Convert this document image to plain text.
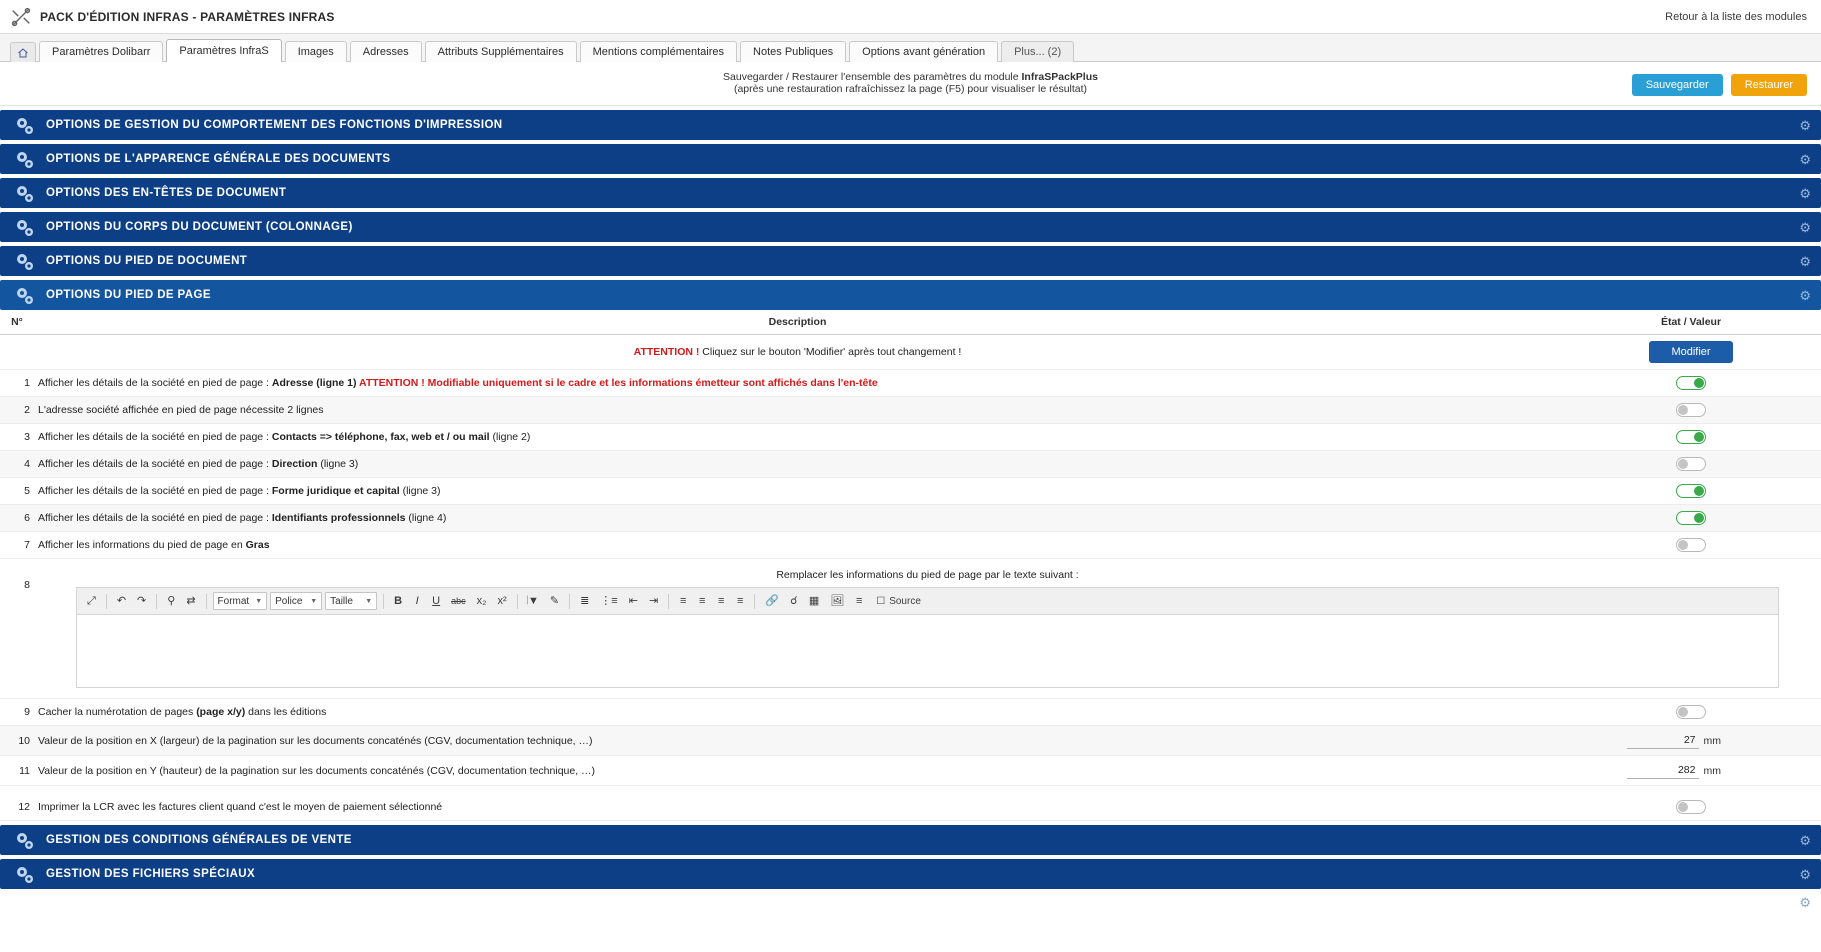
PACK D'ÉDITION INFRAS - PARAMÈTRES INFRAS	Retour à la liste des modules
Paramètres Dolibarr	Paramètres InfraS	Images	Adresses	Attributs Supplémentaires	Mentions complémentaires	Notes Publiques	Options avant génération	Plus... (2)
Sauvegarder / Restaurer l'ensemble des paramètres du module InfraSPackPlus
(après une restauration rafraîchissez la page (F5) pour visualiser le résultat)	Sauvegarder	Restaurer
OPTIONS DE GESTION DU COMPORTEMENT DES FONCTIONS D'IMPRESSION	⚙
OPTIONS DE L'APPARENCE GÉNÉRALE DES DOCUMENTS	⚙
OPTIONS DES EN-TÊTES DE DOCUMENT	⚙
OPTIONS DU CORPS DU DOCUMENT (COLONNAGE)	⚙
OPTIONS DU PIED DE DOCUMENT	⚙
OPTIONS DU PIED DE PAGE	⚙
N°	Description	État / Valeur
	ATTENTION ! Cliquez sur le bouton 'Modifier' après tout changement !	Modifier
1	Afficher les détails de la société en pied de page : Adresse (ligne 1) ATTENTION ! Modifiable uniquement si le cadre et les informations émetteur sont affichés dans l'en-tête	

2	L'adresse société affichée en pied de page nécessite 2 lignes	

3	Afficher les détails de la société en pied de page : Contacts => téléphone, fax, web et / ou mail (ligne 2)	

4	Afficher les détails de la société en pied de page : Direction (ligne 3)	

5	Afficher les détails de la société en pied de page : Forme juridique et capital (ligne 3)	

6	Afficher les détails de la société en pied de page : Identifiants professionnels (ligne 4)	

7	Afficher les informations du pied de page en Gras	

8	
Remplacer les informations du pied de page par le texte suivant :
⤢	↶	↷	⚲	⇄	Format ▼ Police ▼ Taille ▼	B	I	U	abc	x₂	x²	𝄀▼	✎	≣	⋮≡	⇤	⇥	≡	≡	≡	≡	🔗	☌	▦	🖼	≡	☐ Source

9	Cacher la numérotation de pages (page x/y) dans les éditions	

10	Valeur de la position en X (largeur) de la pagination sur les documents concaténés (CGV, documentation technique, …)	
27mm

11	Valeur de la position en Y (hauteur) de la pagination sur les documents concaténés (CGV, documentation technique, …)	
282mm

12	Imprimer la LCR avec les factures client quand c'est le moyen de paiement sélectionné	
GESTION DES CONDITIONS GÉNÉRALES DE VENTE	⚙
GESTION DES FICHIERS SPÉCIAUX	⚙
⚙
